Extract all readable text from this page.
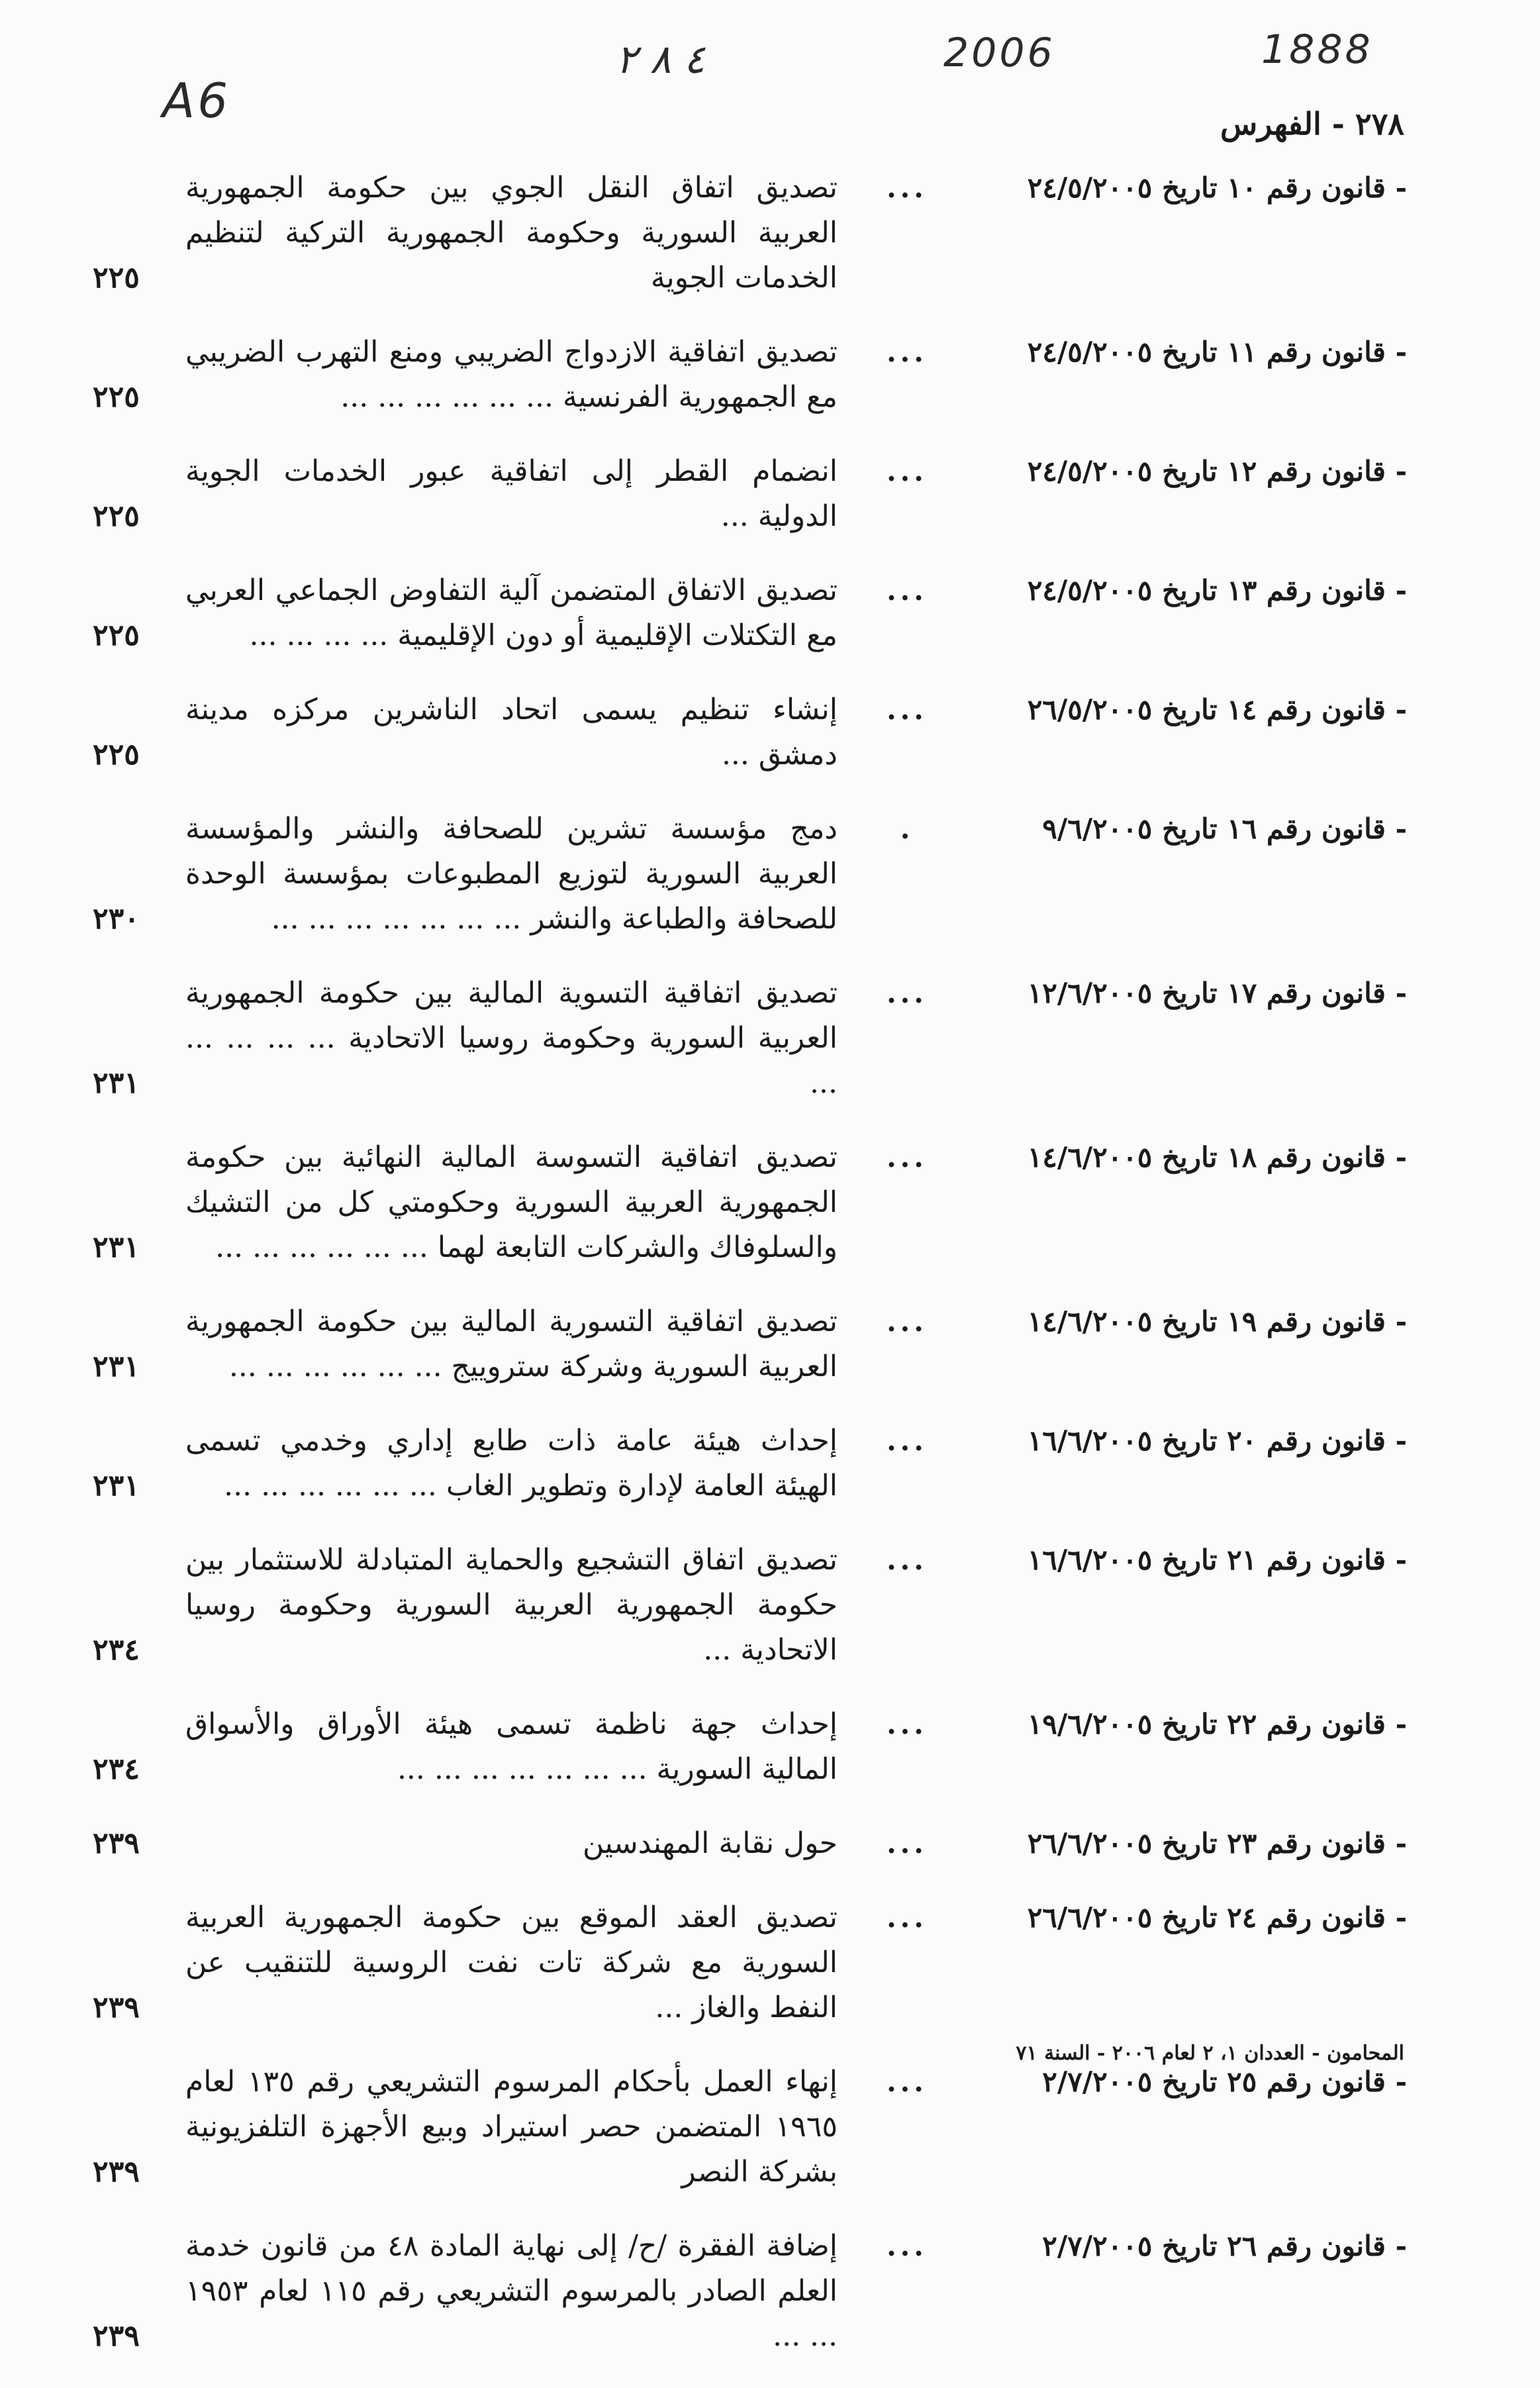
A6
٤ ٨ ٢	2006	1888
٢٧٨ - الفهرس
- قانون رقم ١٠ تاريخ ٢٤/٥/٢٠٠٥
...
تصديق اتفاق النقل الجوي بين حكومة الجمهورية العربية السورية وحكومة الجمهورية التركية لتنظيم الخدمات الجوية
٢٢٥
- قانون رقم ١١ تاريخ ٢٤/٥/٢٠٠٥
...
تصديق اتفاقية الازدواج الضريبي ومنع التهرب الضريبي مع الجمهورية الفرنسية ... ... ... ... ... ...
٢٢٥
- قانون رقم ١٢ تاريخ ٢٤/٥/٢٠٠٥
...
انضمام القطر إلى اتفاقية عبور الخدمات الجوية الدولية ...
٢٢٥
- قانون رقم ١٣ تاريخ ٢٤/٥/٢٠٠٥
...
تصديق الاتفاق المتضمن آلية التفاوض الجماعي العربي مع التكتلات الإقليمية أو دون الإقليمية ... ... ... ...
٢٢٥
- قانون رقم ١٤ تاريخ ٢٦/٥/٢٠٠٥
...
إنشاء تنظيم يسمى اتحاد الناشرين مركزه مدينة دمشق ...
٢٢٥
- قانون رقم ١٦ تاريخ ٩/٦/٢٠٠٥
.
دمج مؤسسة تشرين للصحافة والنشر والمؤسسة العربية السورية لتوزيع المطبوعات بمؤسسة الوحدة للصحافة والطباعة والنشر ... ... ... ... ... ... ...
٢٣٠
- قانون رقم ١٧ تاريخ ١٢/٦/٢٠٠٥
...
تصديق اتفاقية التسوية المالية بين حكومة الجمهورية العربية السورية وحكومة روسيا الاتحادية ... ... ... ... ...
٢٣١
- قانون رقم ١٨ تاريخ ١٤/٦/٢٠٠٥
...
تصديق اتفاقية التسوسة المالية النهائية بين حكومة الجمهورية العربية السورية وحكومتي كل من التشيك والسلوفاك والشركات التابعة لهما ... ... ... ... ... ...
٢٣١
- قانون رقم ١٩ تاريخ ١٤/٦/٢٠٠٥
...
تصديق اتفاقية التسورية المالية بين حكومة الجمهورية العربية السورية وشركة ستروييج ... ... ... ... ... ...
٢٣١
- قانون رقم ٢٠ تاريخ ١٦/٦/٢٠٠٥
...
إحداث هيئة عامة ذات طابع إداري وخدمي تسمى الهيئة العامة لإدارة وتطوير الغاب ... ... ... ... ... ...
٢٣١
- قانون رقم ٢١ تاريخ ١٦/٦/٢٠٠٥
...
تصديق اتفاق التشجيع والحماية المتبادلة للاستثمار بين حكومة الجمهورية العربية السورية وحكومة روسيا الاتحادية ...
٢٣٤
- قانون رقم ٢٢ تاريخ ١٩/٦/٢٠٠٥
...
إحداث جهة ناظمة تسمى هيئة الأوراق والأسواق المالية السورية ... ... ... ... ... ... ...
٢٣٤
- قانون رقم ٢٣ تاريخ ٢٦/٦/٢٠٠٥
...
حول نقابة المهندسين
٢٣٩
- قانون رقم ٢٤ تاريخ ٢٦/٦/٢٠٠٥
...
تصديق العقد الموقع بين حكومة الجمهورية العربية السورية مع شركة تات نفت الروسية للتنقيب عن النفط والغاز ...
٢٣٩
- قانون رقم ٢٥ تاريخ ٢/٧/٢٠٠٥
...
إنهاء العمل بأحكام المرسوم التشريعي رقم ١٣٥ لعام ١٩٦٥ المتضمن حصر استيراد وبيع الأجهزة التلفزيونية بشركة النصر
٢٣٩
- قانون رقم ٢٦ تاريخ ٢/٧/٢٠٠٥
...
إضافة الفقرة /ح/ إلى نهاية المادة ٤٨ من قانون خدمة العلم الصادر بالمرسوم التشريعي رقم ١١٥ لعام ١٩٥٣ ... ...
٢٣٩
المحامون - العددان ١، ٢ لعام ٢٠٠٦ - السنة ٧١
